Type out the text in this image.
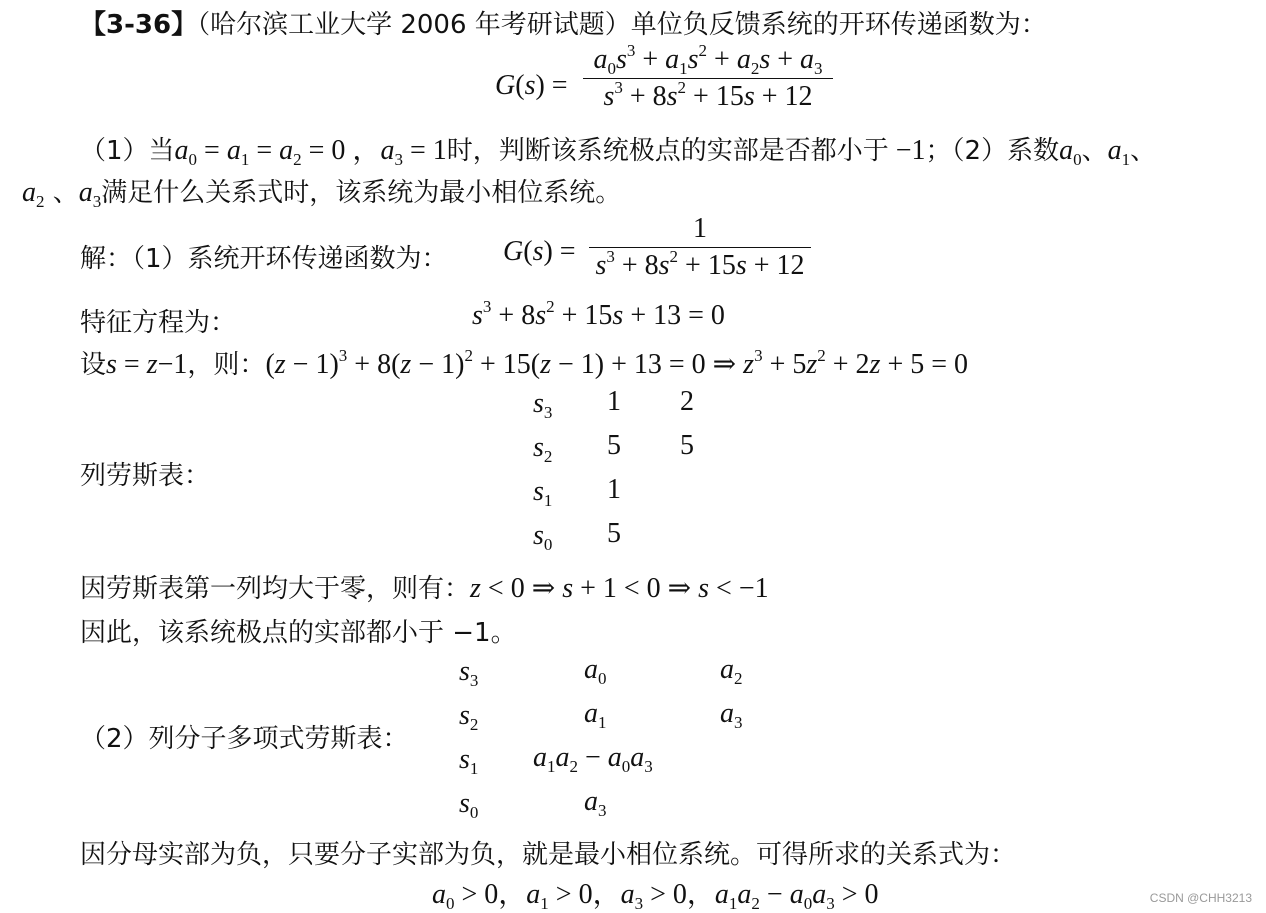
【3-36】（哈尔滨工业大学 2006 年考研试题）单位负反馈系统的开环传递函数为：
G(s) =
$a_0s^3 + a_1s^2 + a_2s + a_3$
$s^3 + 8s^2 + 15s + 12$
（1）当$a_0 = a_1 = a_2 = 0$ ，$a_3 = 1$时，判断该系统极点的实部是否都小于 −1；（2）系数$a_0$、$a_1$、
$a_2$ 、$a_3$满足什么关系式时，该系统为最小相位系统。
解：（1）系统开环传递函数为： G(s) =
1
$s^3 + 8s^2 + 15s + 12$
特征方程为：	$s^3 + 8s^2 + 15s + 13 = 0$
设s = z−1，则：$(z - 1)^3 + 8(z - 1)^2 + 15(z - 1) + 13 = 0$ ⇒ $z^3 + 5z^2 + 2z + 5 = 0$
列劳斯表：
$s_3$ 1 2
$s_2$ 5 5
$s_1$ 1
$s_0$ 5
因劳斯表第一列均大于零，则有：z < 0 ⇒ s + 1 < 0 ⇒ s < −1
因此，该系统极点的实部都小于 −1。
（2）列分子多项式劳斯表：
$s_3$	$a_0$	$a_2$
$s_2$	$a_1$	$a_3$
$s_1$ $a_1a_2 - a_0a_3$
$s_0$	$a_3$
因分母实部为负，只要分子实部为负，就是最小相位系统。可得所求的关系式为：
$a_0 > 0$，$a_1 > 0$，$a_3 > 0$，$a_1a_2 - a_0a_3 > 0$	CSDN @CHH3213
